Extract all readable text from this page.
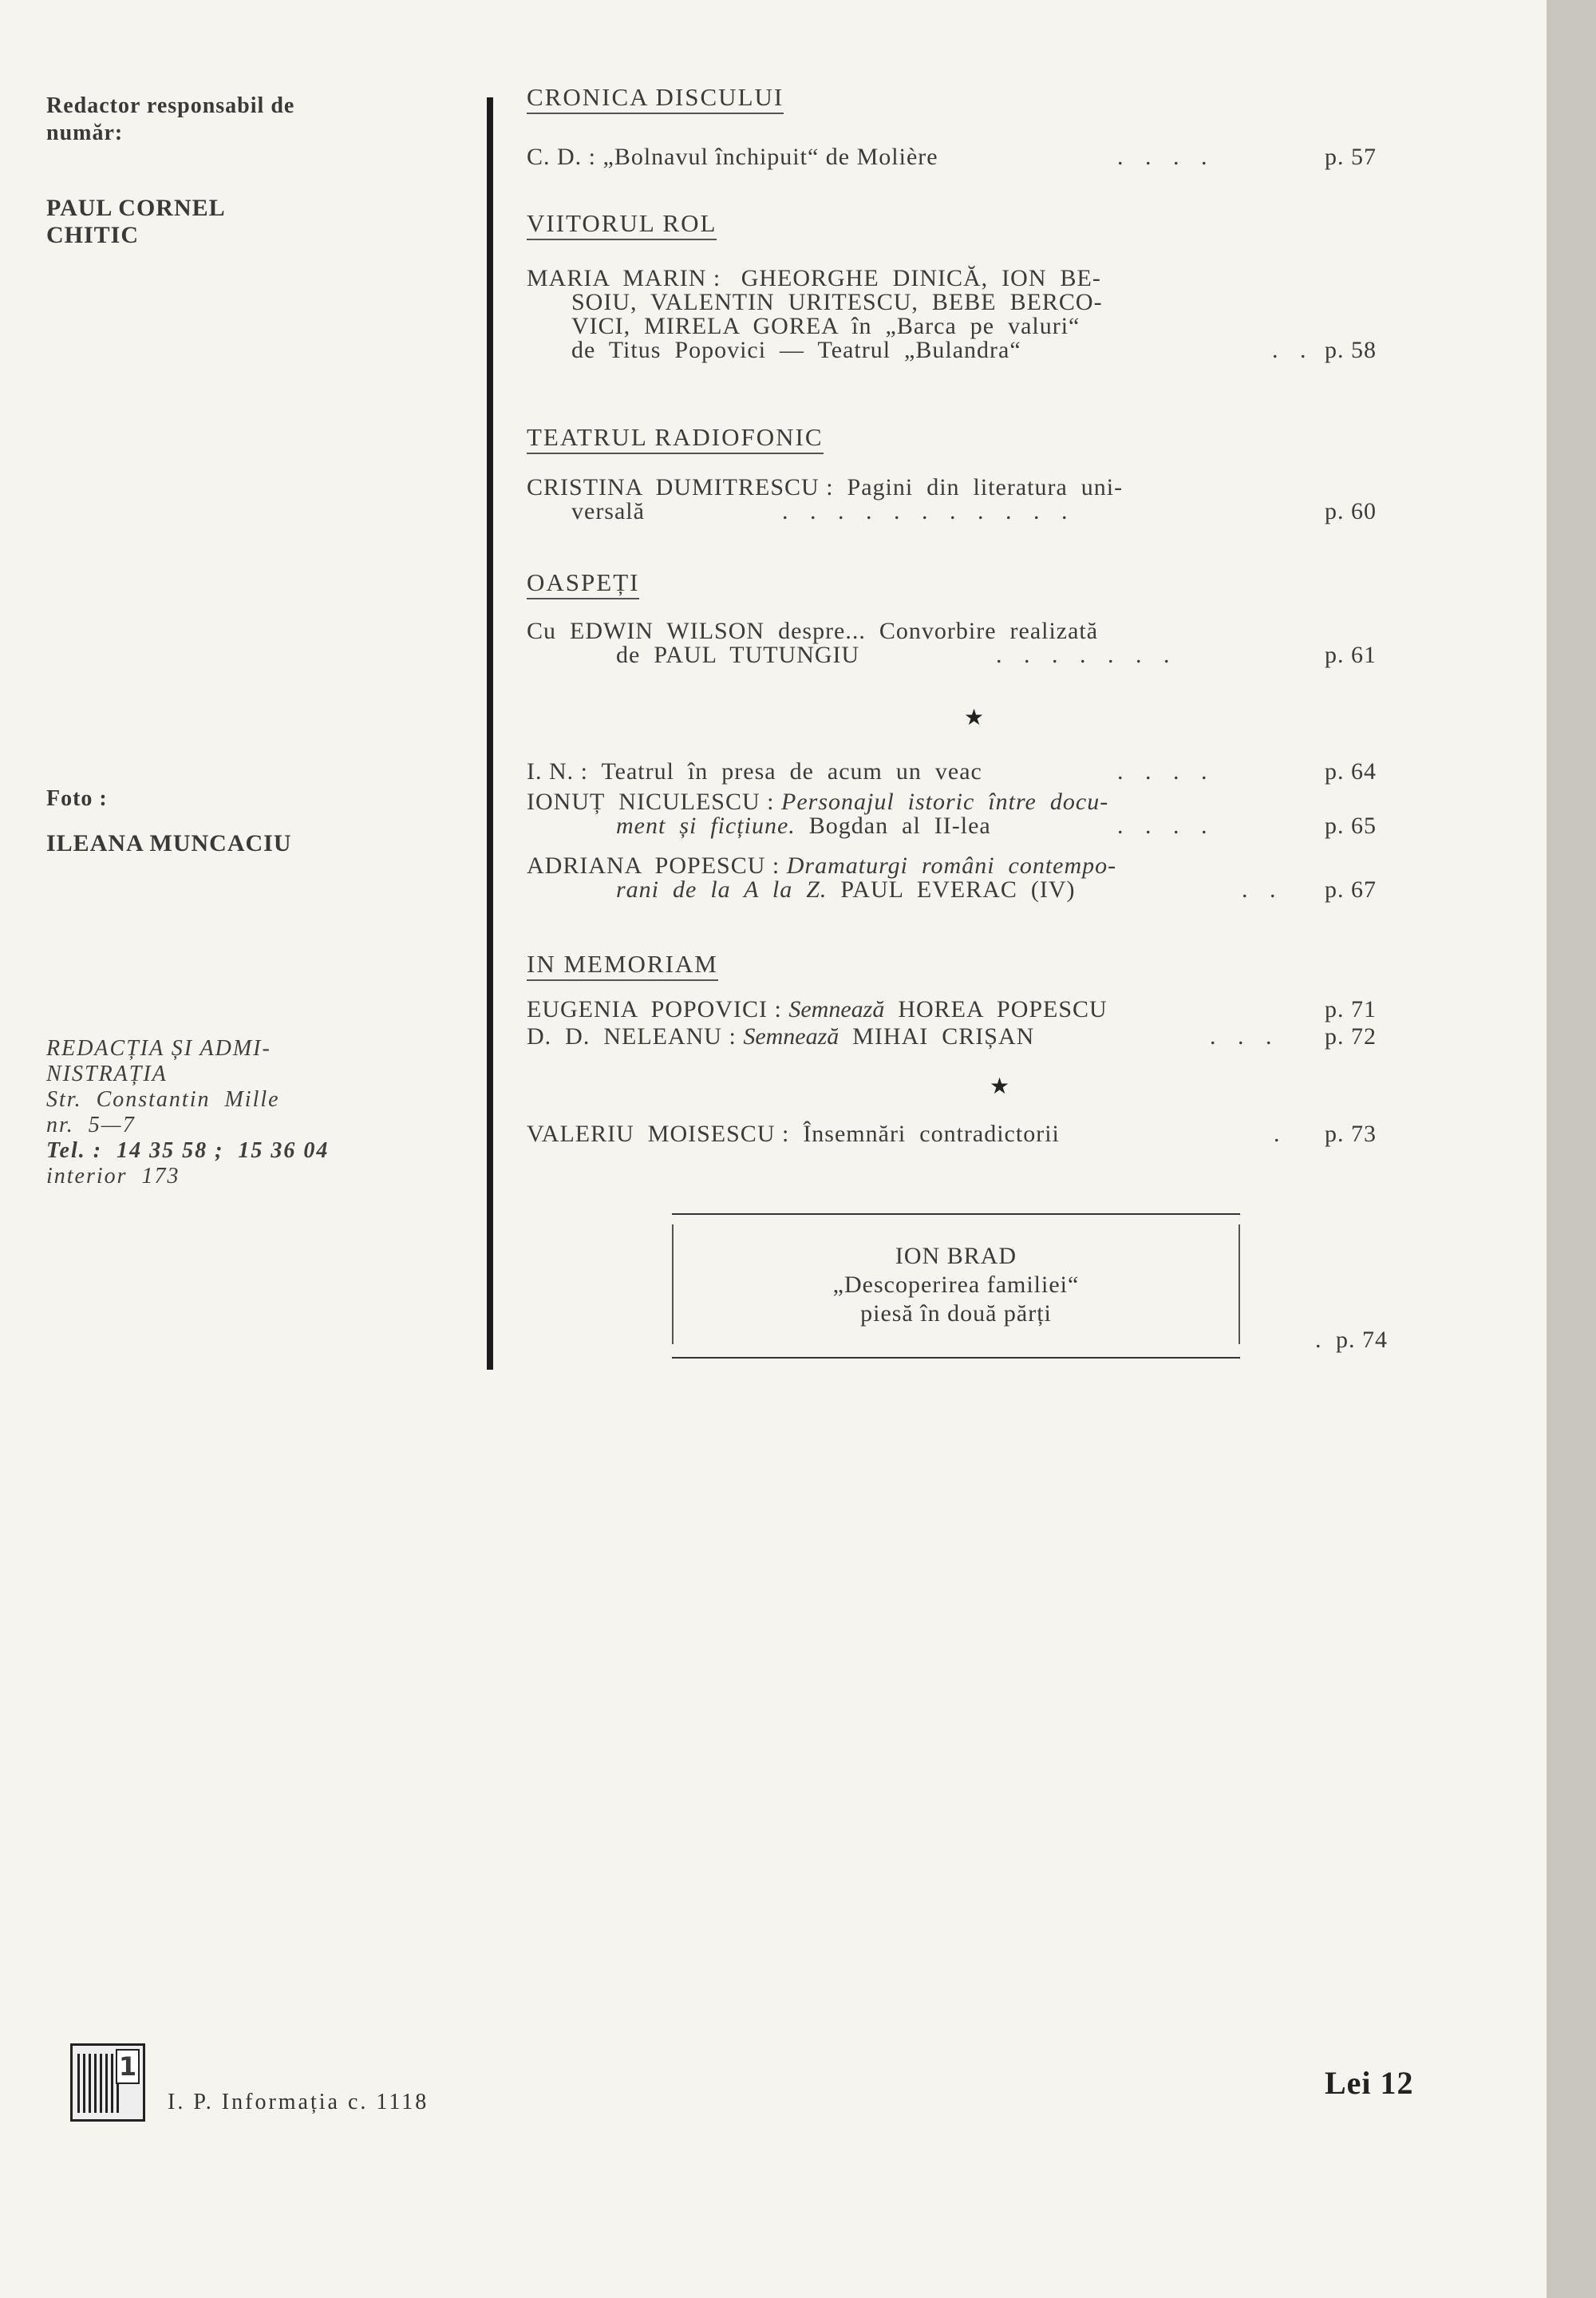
Redactor responsabil de
număr:
PAUL CORNEL
CHITIC
Foto :
ILEANA MUNCACIU
REDACȚIA ȘI ADMI-
NISTRAȚIA
Str.  Constantin  Mille
nr.  5—7
Tel. :  14 35 58 ;  15 36 04
interior  173
CRONICA DISCULUI
C. D. : „Bolnavul închipuit“ de Molière	. . . .	p. 57
VIITORUL ROL
MARIA  MARIN :   GHEORGHE  DINICĂ,  ION  BE-
SOIU,  VALENTIN  URITESCU,  BEBE  BERCO-
VICI,  MIRELA  GOREA  în  „Barca  pe  valuri“
de  Titus  Popovici  —  Teatrul  „Bulandra“	. . p. 58
TEATRUL RADIOFONIC
CRISTINA  DUMITRESCU :  Pagini  din  literatura  uni-
versală	. . . . . . . . . . .	p. 60
OASPEȚI
Cu  EDWIN  WILSON  despre...  Convorbire  realizată
de  PAUL  TUTUNGIU	. . . . . . .	p. 61
★
I. N. :  Teatrul  în  presa  de  acum  un  veac	. . . .	p. 64
IONUȚ  NICULESCU : Personajul  istoric  între  docu-
ment  și  ficțiune.  Bogdan  al  II-lea	. . . .	p. 65
ADRIANA  POPESCU : Dramaturgi  români  contempo-
rani  de  la  A  la  Z.  PAUL  EVERAC  (IV)	. . p. 67
IN MEMORIAM
EUGENIA  POPOVICI : Semnează  HOREA  POPESCU	p. 71
D.  D.  NELEANU : Semnează  MIHAI  CRIȘAN	. . . p. 72
★
VALERIU  MOISESCU :  Însemnări  contradictorii	. p. 73
ION BRAD
„Descoperirea familiei“
piesă în două părți
. p. 74
1
I. P. Informația c. 1118
Lei 12
